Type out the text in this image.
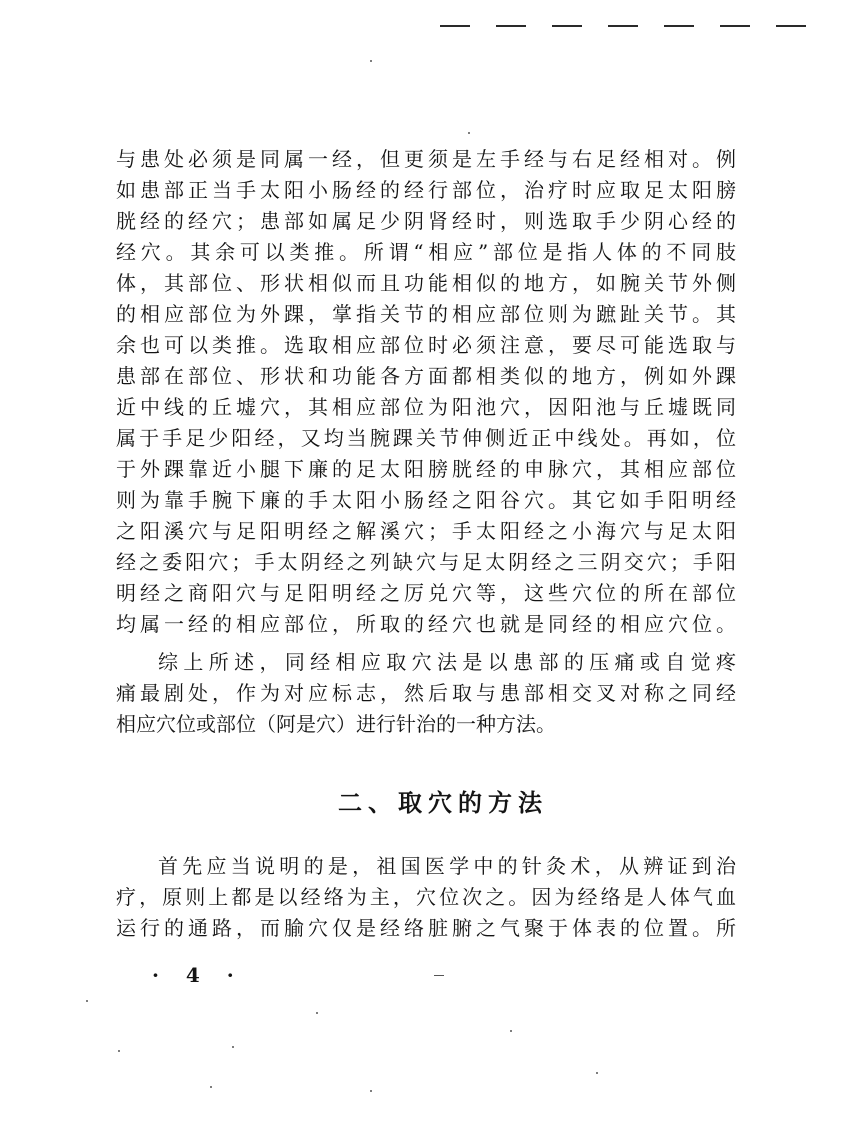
与患处必须是同属一经，但更须是左手经与右足经相对。例
如患部正当手太阳小肠经的经行部位，治疗时应取足太阳膀
胱经的经穴；患部如属足少阴肾经时，则选取手少阴心经的
经穴。其余可以类推。所谓“相应”部位是指人体的不同肢
体，其部位、形状相似而且功能相似的地方，如腕关节外侧
的相应部位为外踝，掌指关节的相应部位则为蹠趾关节。其
余也可以类推。选取相应部位时必须注意，要尽可能选取与
患部在部位、形状和功能各方面都相类似的地方，例如外踝
近中线的丘墟穴，其相应部位为阳池穴，因阳池与丘墟既同
属于手足少阳经，又均当腕踝关节伸侧近正中线处。再如，位
于外踝靠近小腿下廉的足太阳膀胱经的申脉穴，其相应部位
则为靠手腕下廉的手太阳小肠经之阳谷穴。其它如手阳明经
之阳溪穴与足阳明经之解溪穴；手太阳经之小海穴与足太阳
经之委阳穴；手太阴经之列缺穴与足太阴经之三阴交穴；手阳
明经之商阳穴与足阳明经之厉兑穴等，这些穴位的所在部位
均属一经的相应部位，所取的经穴也就是同经的相应穴位。
综上所述，同经相应取穴法是以患部的压痛或自觉疼
痛最剧处，作为对应标志，然后取与患部相交叉对称之同经
相应穴位或部位（阿是穴）进行针治的一种方法。
二、取穴的方法
首先应当说明的是，祖国医学中的针灸术，从辨证到治
疗，原则上都是以经络为主，穴位次之。因为经络是人体气血
运行的通路，而腧穴仅是经络脏腑之气聚于体表的位置。所
· 4 ·
